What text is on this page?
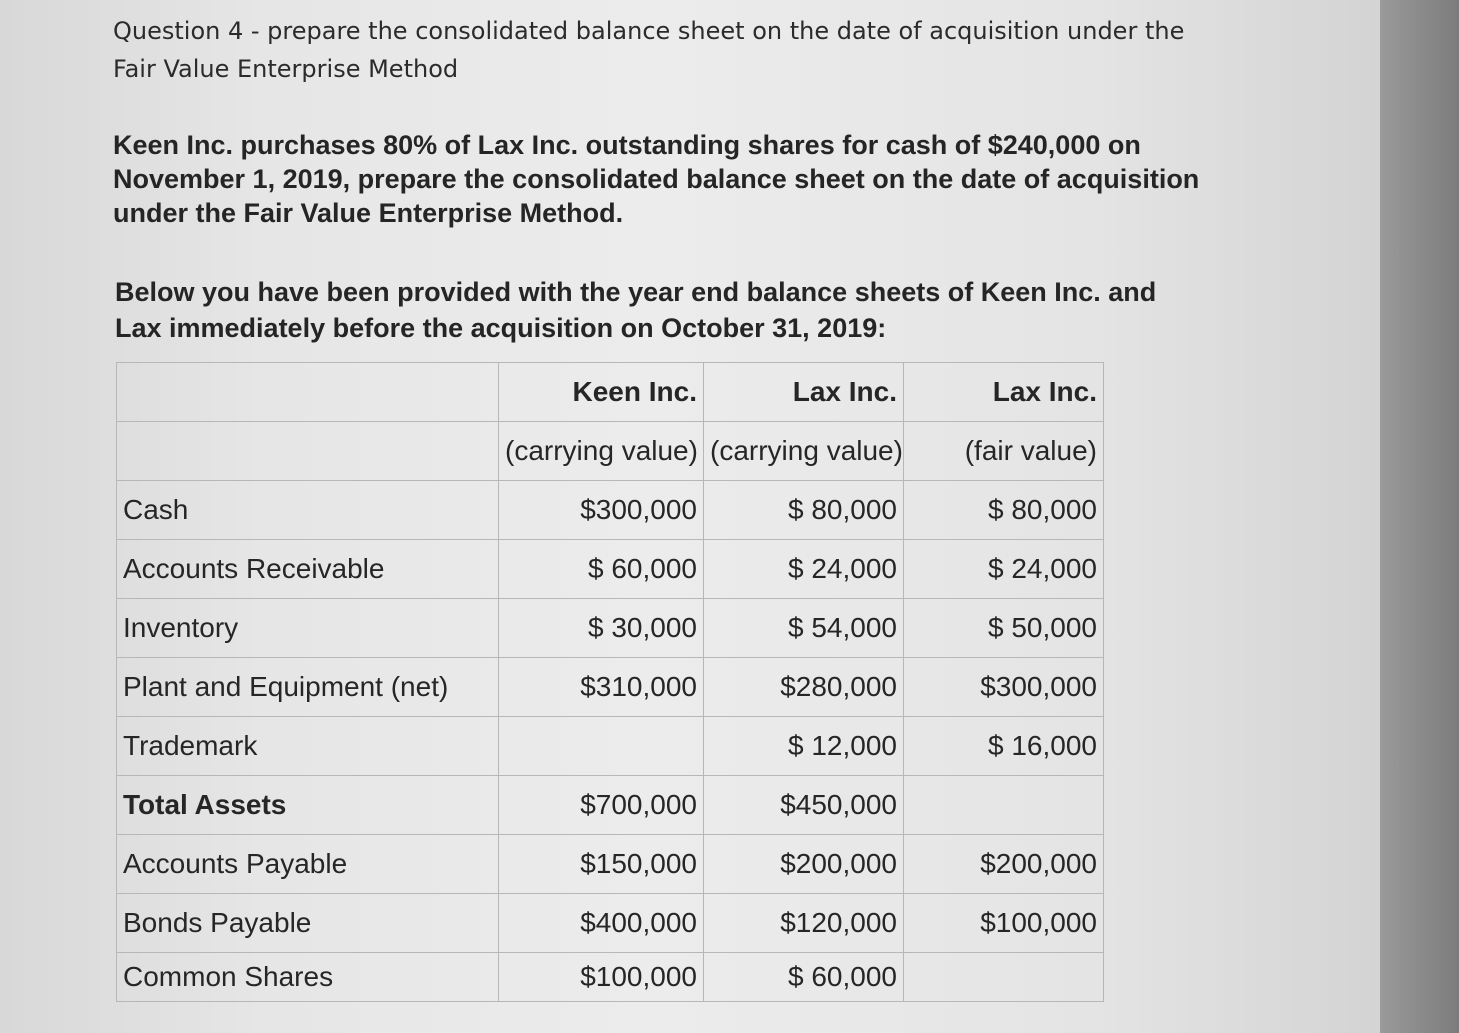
Question 4 - prepare the consolidated balance sheet on the date of acquisition under the Fair Value Enterprise Method

Keen Inc. purchases 80% of Lax Inc. outstanding shares for cash of $240,000 on November 1, 2019, prepare the consolidated balance sheet on the date of acquisition under the Fair Value Enterprise Method.

Below you have been provided with the year end balance sheets of Keen Inc. and Lax immediately before the acquisition on October 31, 2019:

	Keen Inc.	Lax Inc.	Lax Inc.
	(carrying value)	(carrying value)	(fair value)
Cash	$300,000	$ 80,000	$ 80,000
Accounts Receivable	$ 60,000	$ 24,000	$ 24,000
Inventory	$ 30,000	$ 54,000	$ 50,000
Plant and Equipment (net)	$310,000	$280,000	$300,000
Trademark		$ 12,000	$ 16,000
Total Assets	$700,000	$450,000	
Accounts Payable	$150,000	$200,000	$200,000
Bonds Payable	$400,000	$120,000	$100,000
Common Shares	$100,000	$ 60,000	
